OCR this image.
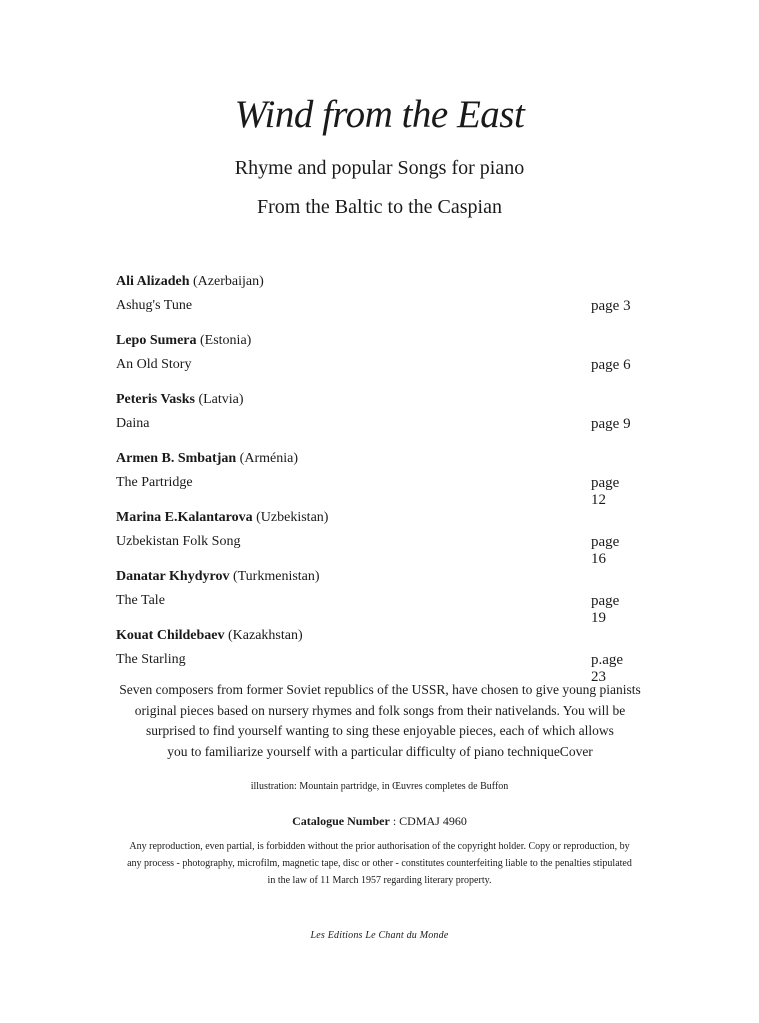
Wind from the East
Rhyme and popular Songs for piano
From the Baltic to the Caspian
Ali Alizadeh (Azerbaijan)
Ashug's Tune	page 3
Lepo Sumera (Estonia)
An Old Story	page 6
Peteris Vasks (Latvia)
Daina	page 9
Armen B. Smbatjan (Arménia)
The Partridge	page 12
Marina E.Kalantarova (Uzbekistan)
Uzbekistan Folk Song	page 16
Danatar Khydyrov (Turkmenistan)
The Tale	page 19
Kouat Childebaev (Kazakhstan)
The Starling	p.age 23
Seven composers from former Soviet republics of the USSR, have chosen to give young pianists
original pieces based on nursery rhymes and folk songs from their nativelands. You will be
surprised to find yourself wanting to sing these enjoyable pieces, each of which allows
you to familiarize yourself with a particular difficulty of piano techniqueCover
illustration: Mountain partridge, in Œuvres completes de Buffon
Catalogue Number : CDMAJ 4960
Any reproduction, even partial, is forbidden without the prior authorisation of the copyright holder. Copy or reproduction, by
any process - photography, microfilm, magnetic tape, disc or other - constitutes counterfeiting liable to the penalties stipulated
in the law of 11 March 1957 regarding literary property.
Les Editions Le Chant du Monde
